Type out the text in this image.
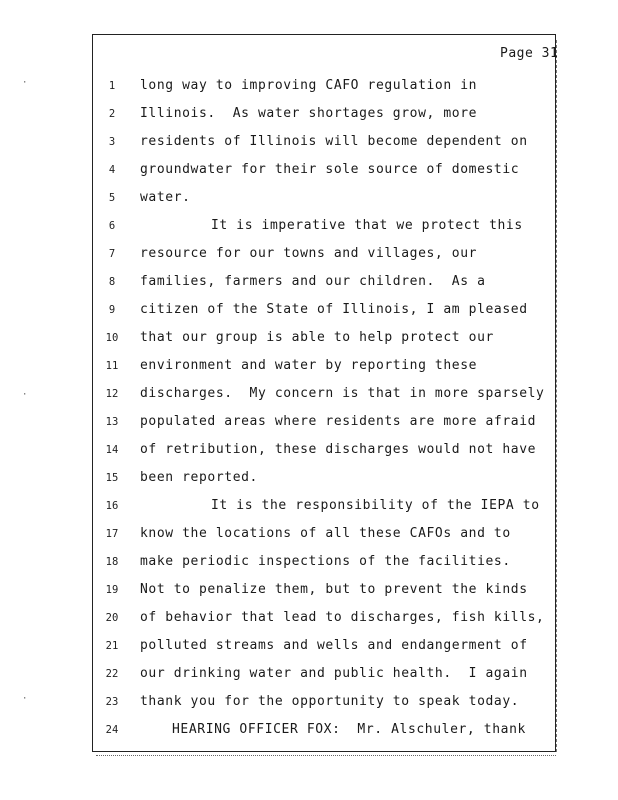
Page 31
1	long way to improving CAFO regulation in
2	Illinois.  As water shortages grow, more
3	residents of Illinois will become dependent on
4	groundwater for their sole source of domestic
5	water.
6	It is imperative that we protect this
7	resource for our towns and villages, our
8	families, farmers and our children.  As a
9	citizen of the State of Illinois, I am pleased
10	that our group is able to help protect our
11	environment and water by reporting these
12	discharges.  My concern is that in more sparsely
13	populated areas where residents are more afraid
14	of retribution, these discharges would not have
15	been reported.
16	It is the responsibility of the IEPA to
17	know the locations of all these CAFOs and to
18	make periodic inspections of the facilities.
19	Not to penalize them, but to prevent the kinds
20	of behavior that lead to discharges, fish kills,
21	polluted streams and wells and endangerment of
22	our drinking water and public health.  I again
23	thank you for the opportunity to speak today.
24	HEARING OFFICER FOX:  Mr. Alschuler, thank
·
·
·
